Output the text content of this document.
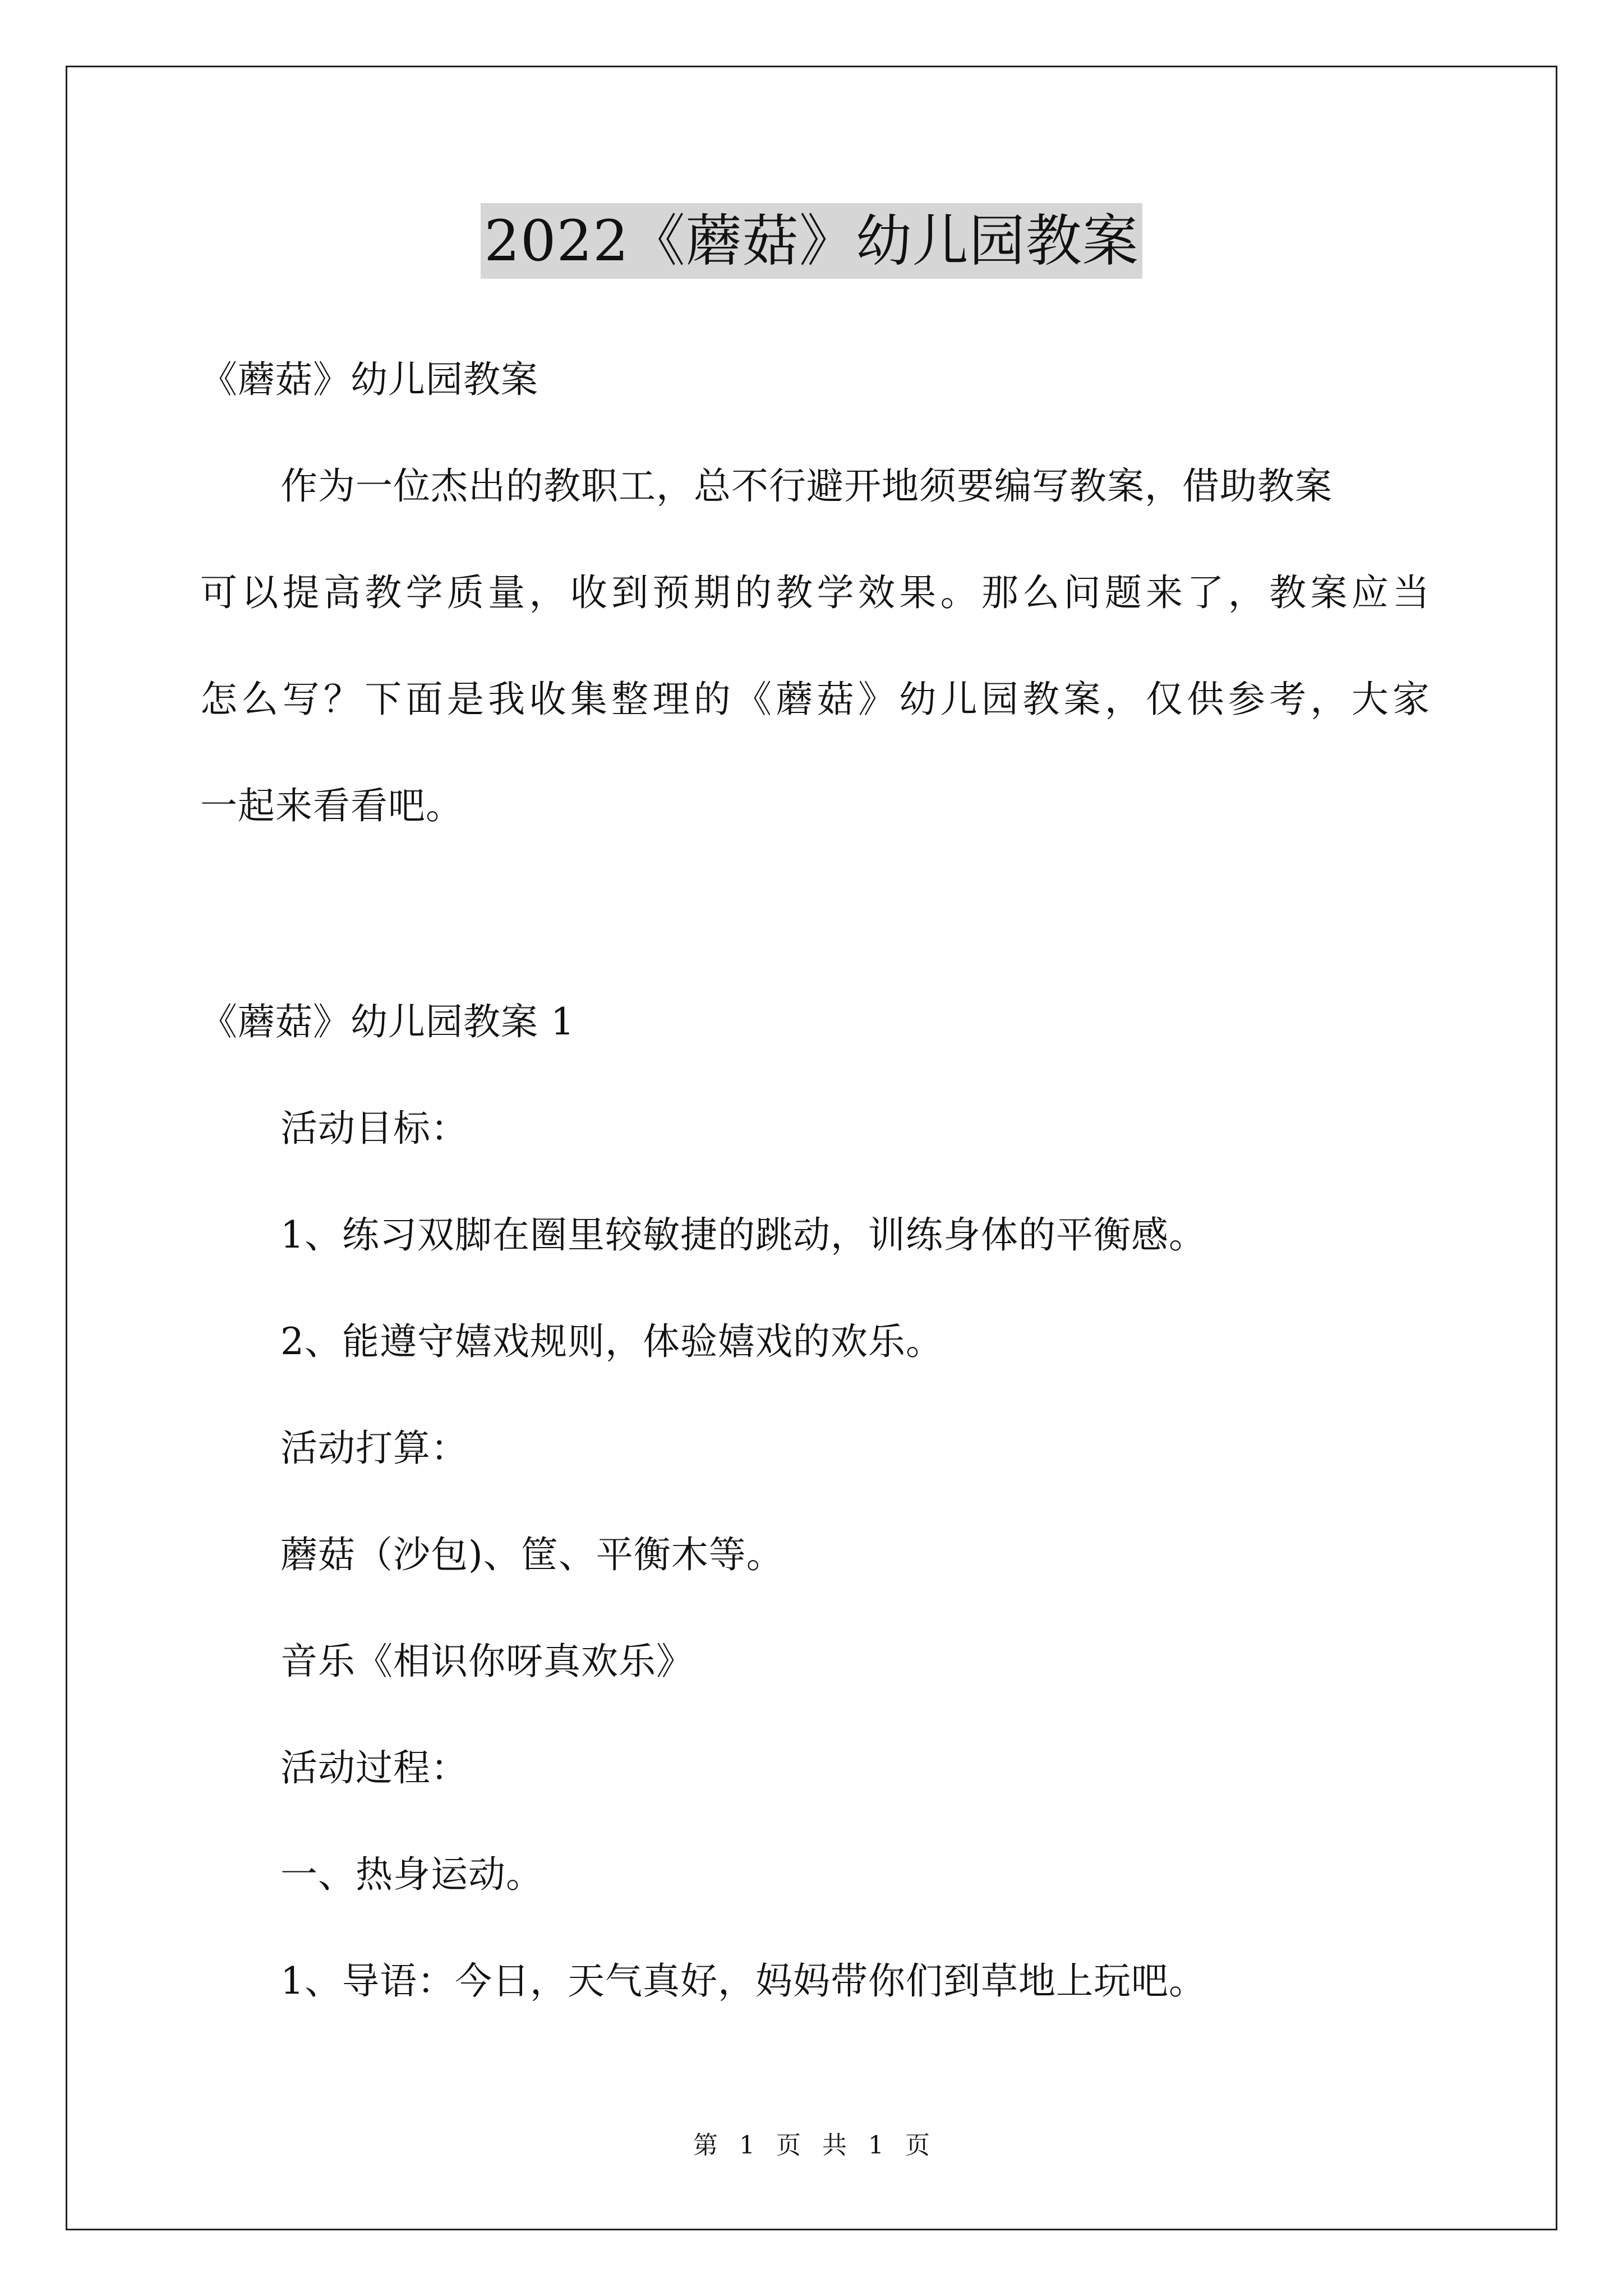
2022《蘑菇》幼儿园教案
《蘑菇》幼儿园教案
作为一位杰出的教职工，总不行避开地须要编写教案，借助教案
可以提高教学质量，收到预期的教学效果。那么问题来了，教案应当
怎么写？下面是我收集整理的《蘑菇》幼儿园教案，仅供参考，大家
一起来看看吧。
《蘑菇》幼儿园教案 1
活动目标：
1、练习双脚在圈里较敏捷的跳动，训练身体的平衡感。
2、能遵守嬉戏规则，体验嬉戏的欢乐。
活动打算：
蘑菇（沙包)、筐、平衡木等。
音乐《相识你呀真欢乐》
活动过程：
一、热身运动。
1、导语：今日，天气真好，妈妈带你们到草地上玩吧。
第 1 页 共 1 页
